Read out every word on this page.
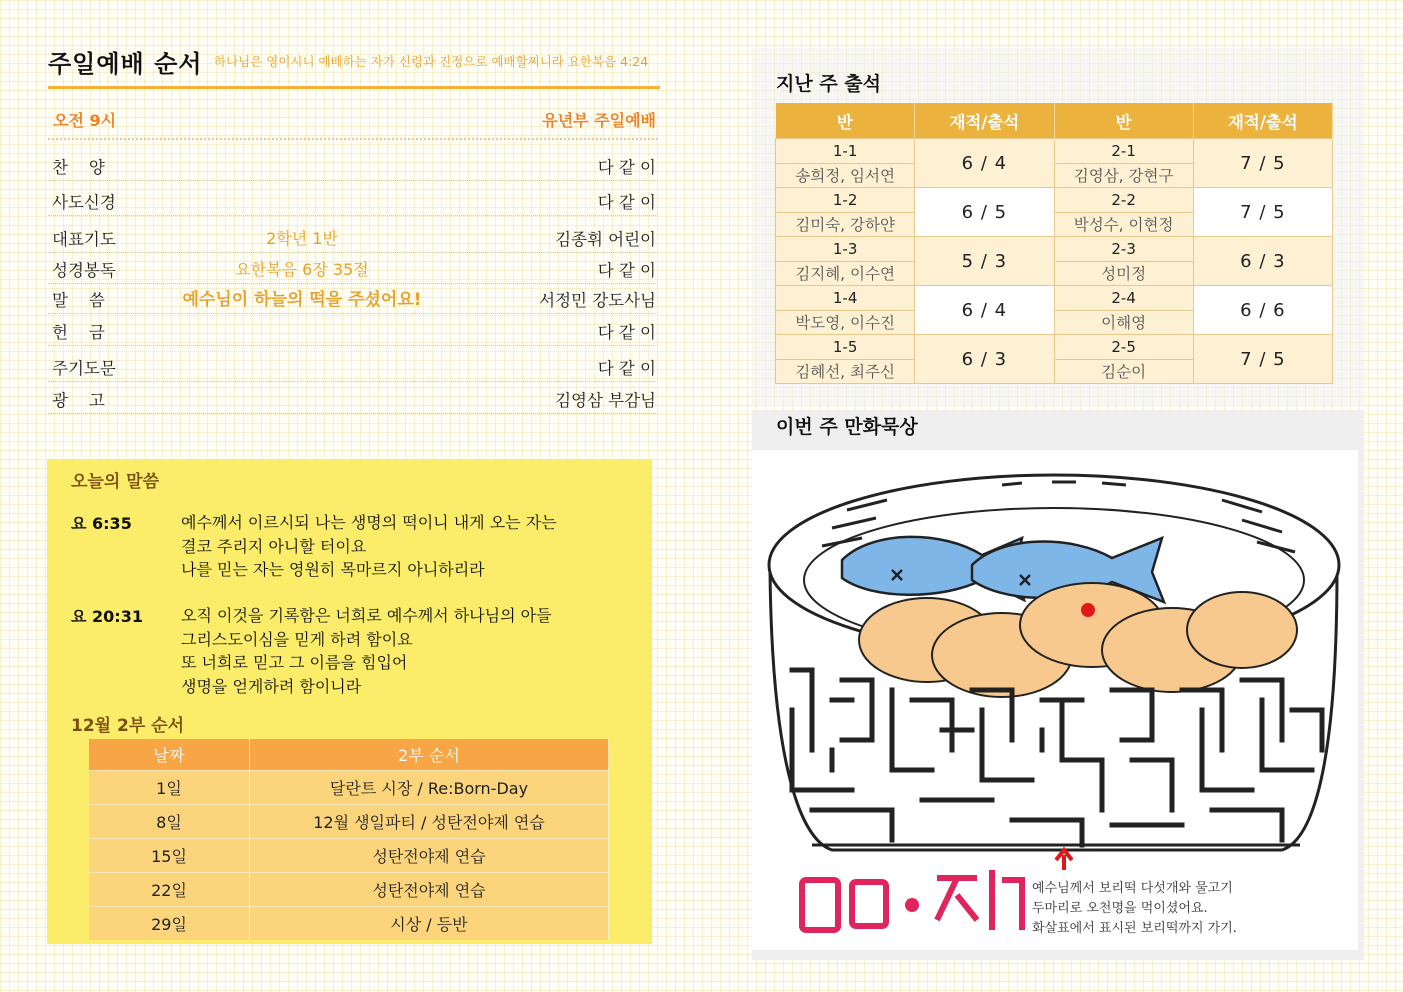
주일예배 순서 하나님은 영이시니 예배하는 자가 신령과 진정으로 예배할찌니라 요한복음 4:24
오전 9시	유년부 주일예배
찬    양	다 같 이
사도신경	다 같 이
대표기도	2학년 1반	김종휘 어린이
성경봉독	요한복음 6장 35절	다 같 이
말    씀	예수님이 하늘의 떡을 주셨어요!	서정민 강도사님
헌    금	다 같 이
주기도문	다 같 이
광    고	김영삼 부감님
오늘의 말씀
요 6:35	예수께서 이르시되 나는 생명의 떡이니 내게 오는 자는
결코 주리지 아니할 터이요
나를 믿는 자는 영원히 목마르지 아니하리라
요 20:31 오직 이것을 기록함은 너희로 예수께서 하나님의 아들
그리스도이심을 믿게 하려 함이요
또 너희로 믿고 그 이름을 힘입어
생명을 얻게하려 함이니라
12월 2부 순서
날짜	2부 순서
1일	달란트 시장 / Re:Born-Day
8일	12월 생일파티 / 성탄전야제 연습
15일	성탄전야제 연습
22일	성탄전야제 연습
29일	시상 / 등반
지난 주 출석
반	재적/출석	반	재적/출석
1-1	6 / 4	2-1	7 / 5
송희정, 임서연		김영삼, 강현구	
1-2	6 / 5	2-2	7 / 5
김미숙, 강하얀		박성수, 이현정	
1-3	5 / 3	2-3	6 / 3
김지혜, 이수연		성미정	
1-4	6 / 4	2-4	6 / 6
박도영, 이수진		이해영	
1-5	6 / 3	2-5	7 / 5
김혜선, 최주신		김순이	
이번 주 만화묵상
예수님께서 보리떡 다섯개와 물고기
두마리로 오천명을 먹이셨어요.
화살표에서 표시된 보리떡까지 가기.
